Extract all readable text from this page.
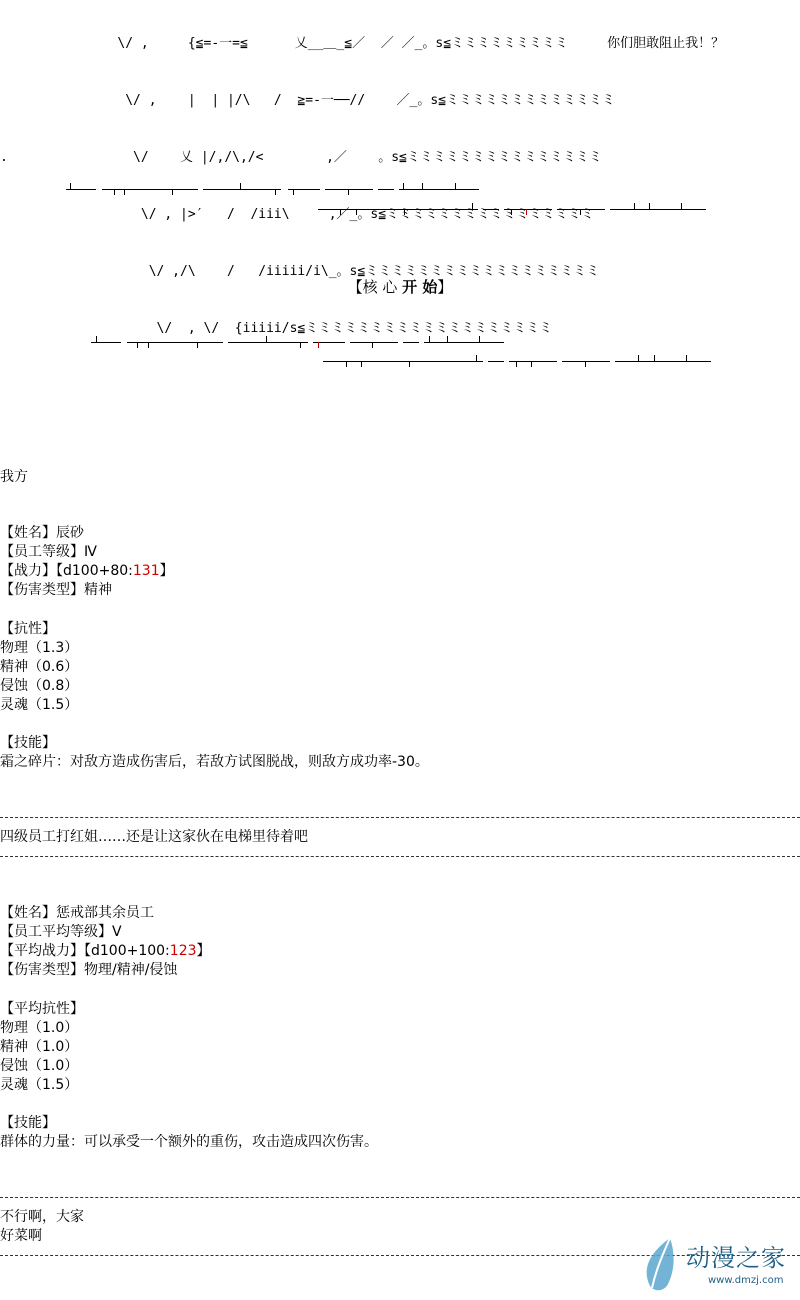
\/ ,     {≦=‐一=≦      乂__＿_≦／  ／ ／_。s≦ミミミミミミミミミ     你们胆敢阻止我！？

\/ ,    |  | |/\   /  ≧=-一──//    ／_。s≦ミミミミミミミミミミミミミ

.                \/    乂 |/,/\,/<        ,／    。s≦ミミミミミミミミミミミミミミミ

\/ , |>′   /  /iii\     ,／_。s≦ミミミミミミミミミミミミミミミミ

\/ ,/\    /   /iiiii/i\_。s≦ミミミミミミミミミミミミミミミミミミ

\/  , \/  {iiiii/s≦ミミミミミミミミミミミミミミミミミミミ

【核 心 开 始】
我方
【姓名】辰砂
【员工等级】Ⅳ
【战力】【d100+80:131】
【伤害类型】精神
【抗性】
物理（1.3）
精神（0.6）
侵蚀（0.8）
灵魂（1.5）
【技能】
霜之碎片：对敌方造成伤害后，若敌方试图脱战，则敌方成功率-30。
四级员工打红姐……还是让这家伙在电梯里待着吧
【姓名】惩戒部其余员工
【员工平均等级】Ⅴ
【平均战力】【d100+100:123】
【伤害类型】物理/精神/侵蚀
【平均抗性】
物理（1.0）
精神（1.0）
侵蚀（1.0）
灵魂（1.5）
【技能】
群体的力量：可以承受一个额外的重伤，攻击造成四次伤害。
不行啊，大家
好菜啊
动漫之家
www.dmzj.com
